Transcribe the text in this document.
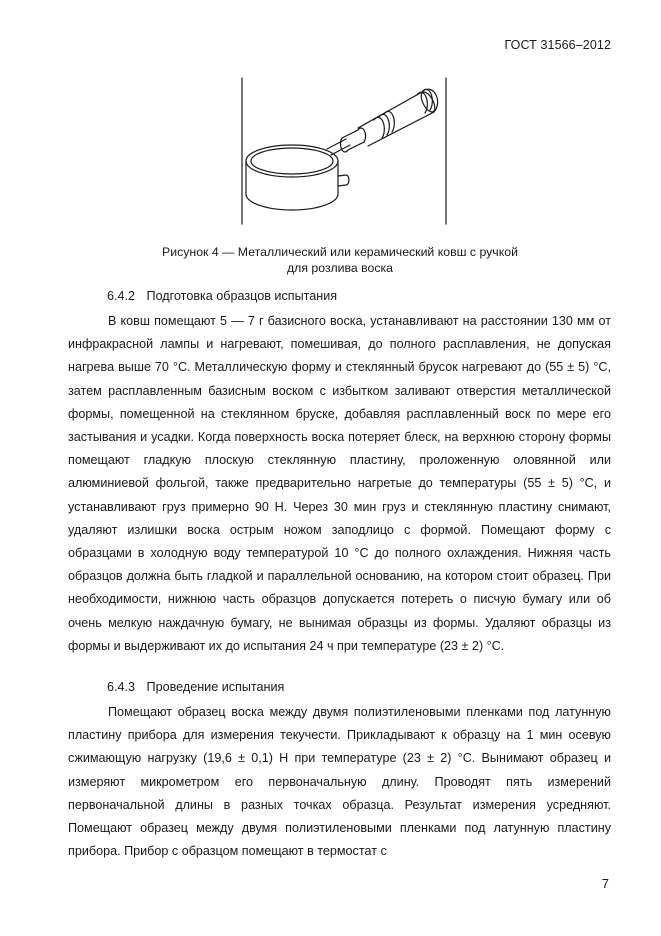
ГОСТ 31566–2012
Рисунок 4 — Металлический или керамический ковш с ручкой
для розлива воска
6.4.2 Подготовка образцов испытания

В ковш помещают 5 — 7 г базисного воска, устанавливают на расстоянии 130 мм от инфракрасной лампы и нагревают, помешивая, до полного расплавления, не допуская нагрева выше 70 °С. Металлическую форму и стеклянный брусок нагревают до (55 ± 5) °С, затем расплавленным базисным воском с избытком заливают отверстия металлической формы, помещенной на стеклянном бруске, добавляя расплавленный воск по мере его застывания и усадки. Когда поверхность воска потеряет блеск, на верхнюю сторону формы помещают гладкую плоскую стеклянную пластину, проложенную оловянной или алюминиевой фольгой, также предварительно нагретые до температуры (55 ± 5) °С, и устанавливают груз примерно 90 Н. Через 30 мин груз и стеклянную пластину снимают, удаляют излишки воска острым ножом заподлицо с формой. Помещают форму с образцами в холодную воду температурой 10 °С до полного охлаждения. Нижняя часть образцов должна быть гладкой и параллельной основанию, на котором стоит образец. При необходимости, нижнюю часть образцов допускается потереть о писчую бумагу или об очень мелкую наждачную бумагу, не вынимая образцы из формы. Удаляют образцы из формы и выдерживают их до испытания 24 ч при температуре (23 ± 2) °С.

6.4.3 Проведение испытания

Помещают образец воска между двумя полиэтиленовыми пленками под латунную пластину прибора для измерения текучести. Прикладывают к образцу на 1 мин осевую сжимающую нагрузку (19,6 ± 0,1) Н при температуре (23 ± 2) °С. Вынимают образец и измеряют микрометром его первоначальную длину. Проводят пять измерений первоначальной длины в разных точках образца. Результат измерения усредняют. Помещают образец между двумя полиэтиленовыми пленками под латунную пластину прибора. Прибор с образцом помещают в термостат с

7
